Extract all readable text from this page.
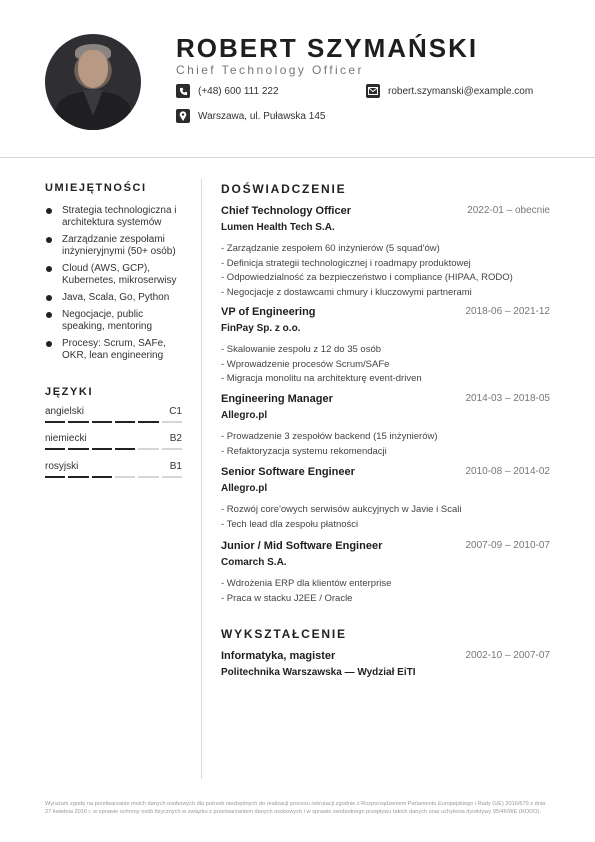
ROBERT SZYMAŃSKI
Chief Technology Officer
(+48) 600 111 222	robert.szymanski@example.com
Warszawa, ul. Puławska 145
UMIEJĘTNOŚCI
Strategia technologiczna i architektura systemów
Zarządzanie zespołami inżynieryjnymi (50+ osób)
Cloud (AWS, GCP), Kubernetes, mikroserwisy
Java, Scala, Go, Python
Negocjacje, public speaking, mentoring
Procesy: Scrum, SAFe, OKR, lean engineering
JĘZYKI
angielski	C1
niemiecki	B2
rosyjski	B1
DOŚWIADCZENIE
Chief Technology Officer	2022-01 – obecnie
Lumen Health Tech S.A.
- Zarządzanie zespołem 60 inżynierów (5 squad'ów)
- Definicja strategii technologicznej i roadmapy produktowej
- Odpowiedzialność za bezpieczeństwo i compliance (HIPAA, RODO)
- Negocjacje z dostawcami chmury i kluczowymi partnerami
VP of Engineering	2018-06 – 2021-12
FinPay Sp. z o.o.
- Skalowanie zespołu z 12 do 35 osób
- Wprowadzenie procesów Scrum/SAFe
- Migracja monolitu na architekturę event-driven
Engineering Manager	2014-03 – 2018-05
Allegro.pl
- Prowadzenie 3 zespołów backend (15 inżynierów)
- Refaktoryzacja systemu rekomendacji
Senior Software Engineer	2010-08 – 2014-02
Allegro.pl
- Rozwój core'owych serwisów aukcyjnych w Javie i Scali
- Tech lead dla zespołu płatności
Junior / Mid Software Engineer	2007-09 – 2010-07
Comarch S.A.
- Wdrożenia ERP dla klientów enterprise
- Praca w stacku J2EE / Oracle
WYKSZTAŁCENIE
Informatyka, magister	2002-10 – 2007-07
Politechnika Warszawska — Wydział EiTI
Wyrażam zgodę na przetwarzanie moich danych osobowych dla potrzeb niezbędnych do realizacji procesu rekrutacji zgodnie z Rozporządzeniem Parlamentu Europejskiego i Rady (UE) 2016/679 z dnia 27 kwietnia 2016 r. w sprawie ochrony osób fizycznych w związku z przetwarzaniem danych osobowych i w sprawie swobodnego przepływu takich danych oraz uchylenia dyrektywy 95/46/WE (RODO).
